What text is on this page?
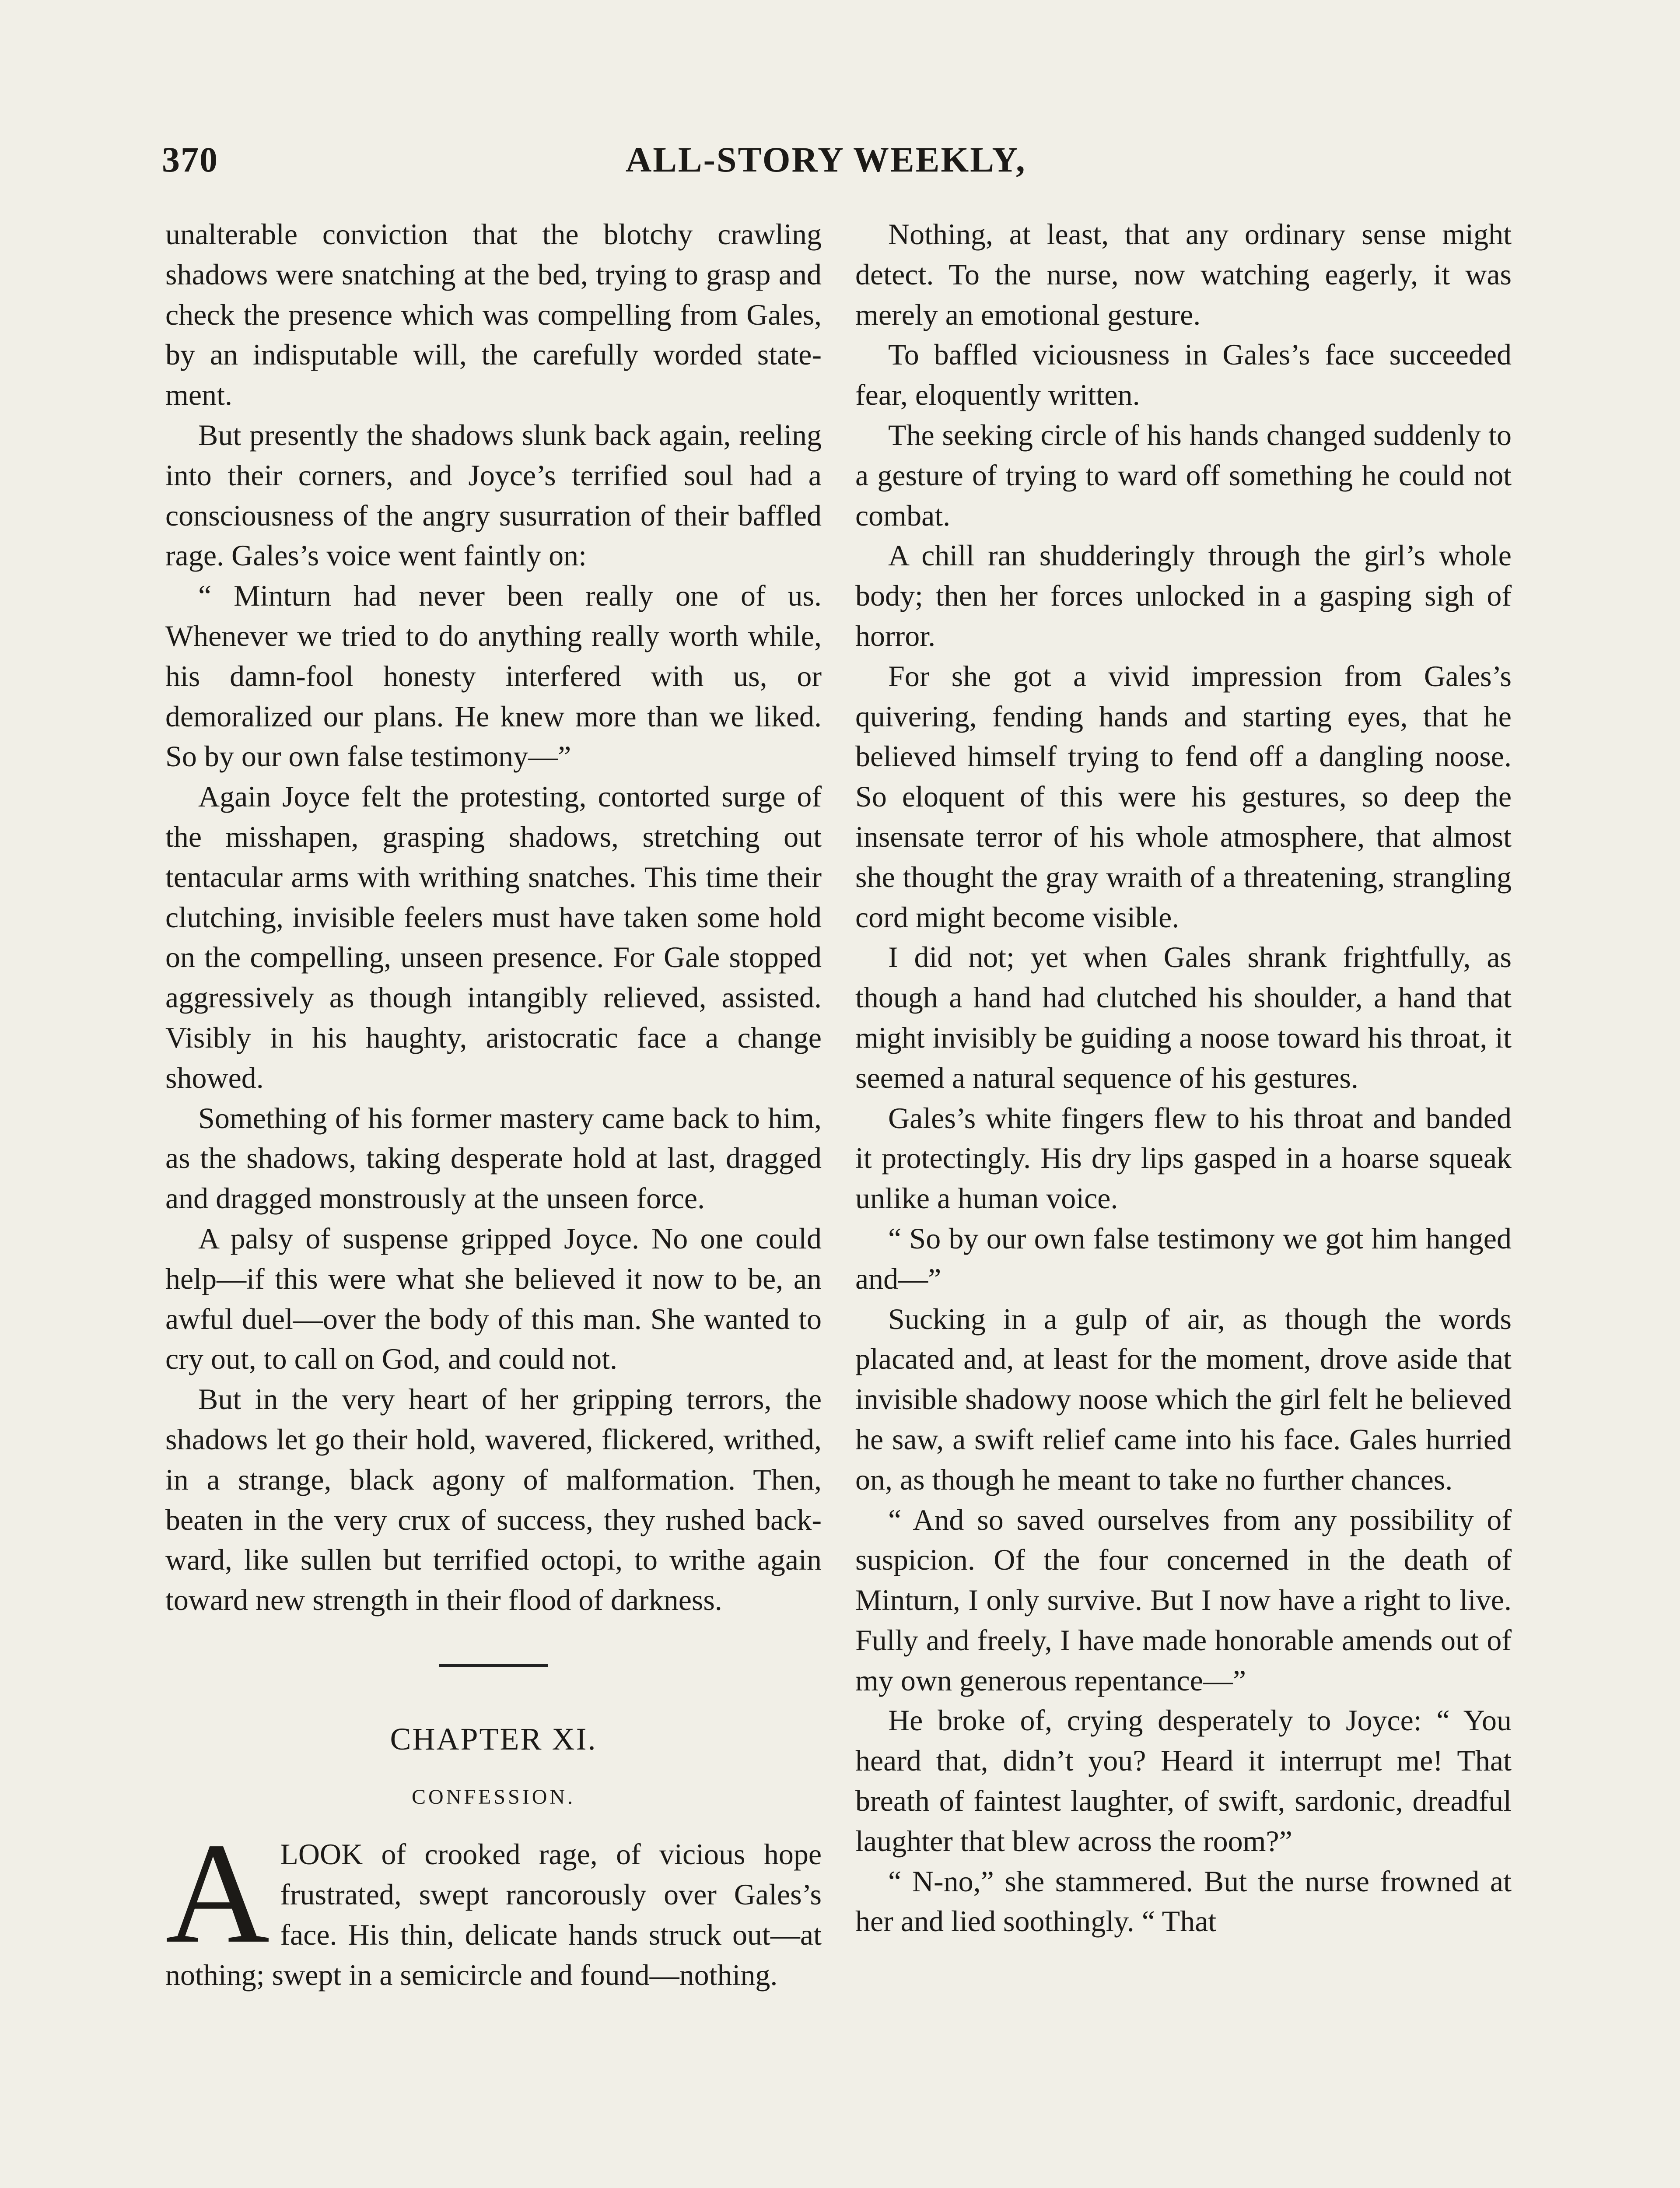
370	ALL-STORY WEEKLY,

unalterable conviction that the blotchy crawling shadows were snatching at the bed, trying to grasp and check the presence which was compelling from Gales, by an indisputable will, the carefully worded statement.

But presently the shadows slunk back again, reeling into their corners, and Joyce’s terrified soul had a consciousness of the angry susurration of their baffled rage. Gales’s voice went faintly on:

“ Minturn had never been really one of us. Whenever we tried to do anything really worth while, his damn-fool honesty interfered with us, or demoralized our plans. He knew more than we liked. So by our own false testimony—”

Again Joyce felt the protesting, contorted surge of the misshapen, grasping shadows, stretching out tentacular arms with writhing snatches. This time their clutching, invisible feelers must have taken some hold on the compelling, unseen presence. For Gale stopped aggressively as though intangibly relieved, assisted. Visibly in his haughty, aristocratic face a change showed.

Something of his former mastery came back to him, as the shadows, taking desperate hold at last, dragged and dragged monstrously at the unseen force.

A palsy of suspense gripped Joyce. No one could help—if this were what she believed it now to be, an awful duel—over the body of this man. She wanted to cry out, to call on God, and could not.

But in the very heart of her gripping terrors, the shadows let go their hold, wavered, flickered, writhed, in a strange, black agony of malformation. Then, beaten in the very crux of success, they rushed backward, like sullen but terrified octopi, to writhe again toward new strength in their flood of darkness.

CHAPTER XI.
CONFESSION.

ALOOK of crooked rage, of vicious hope frustrated, swept rancorously over Gales’s face. His thin, delicate hands struck out—at nothing; swept in a semicircle and found—nothing.

Nothing, at least, that any ordinary sense might detect. To the nurse, now watching eagerly, it was merely an emotional gesture.

To baffled viciousness in Gales’s face succeeded fear, eloquently written.

The seeking circle of his hands changed suddenly to a gesture of trying to ward off something he could not combat.

A chill ran shudderingly through the girl’s whole body; then her forces unlocked in a gasping sigh of horror.

For she got a vivid impression from Gales’s quivering, fending hands and starting eyes, that he believed himself trying to fend off a dangling noose. So eloquent of this were his gestures, so deep the insensate terror of his whole atmosphere, that almost she thought the gray wraith of a threatening, strangling cord might become visible.

I did not; yet when Gales shrank frightfully, as though a hand had clutched his shoulder, a hand that might invisibly be guiding a noose toward his throat, it seemed a natural sequence of his gestures.

Gales’s white fingers flew to his throat and banded it protectingly. His dry lips gasped in a hoarse squeak unlike a human voice.

“ So by our own false testimony we got him hanged and—”

Sucking in a gulp of air, as though the words placated and, at least for the moment, drove aside that invisible shadowy noose which the girl felt he believed he saw, a swift relief came into his face. Gales hurried on, as though he meant to take no further chances.

“ And so saved ourselves from any possibility of suspicion. Of the four concerned in the death of Minturn, I only survive. But I now have a right to live. Fully and freely, I have made honorable amends out of my own generous repentance—”

He broke of, crying desperately to Joyce: “ You heard that, didn’t you? Heard it interrupt me! That breath of faintest laughter, of swift, sardonic, dreadful laughter that blew across the room?”

“ N-no,” she stammered. But the nurse frowned at her and lied soothingly. “ That
